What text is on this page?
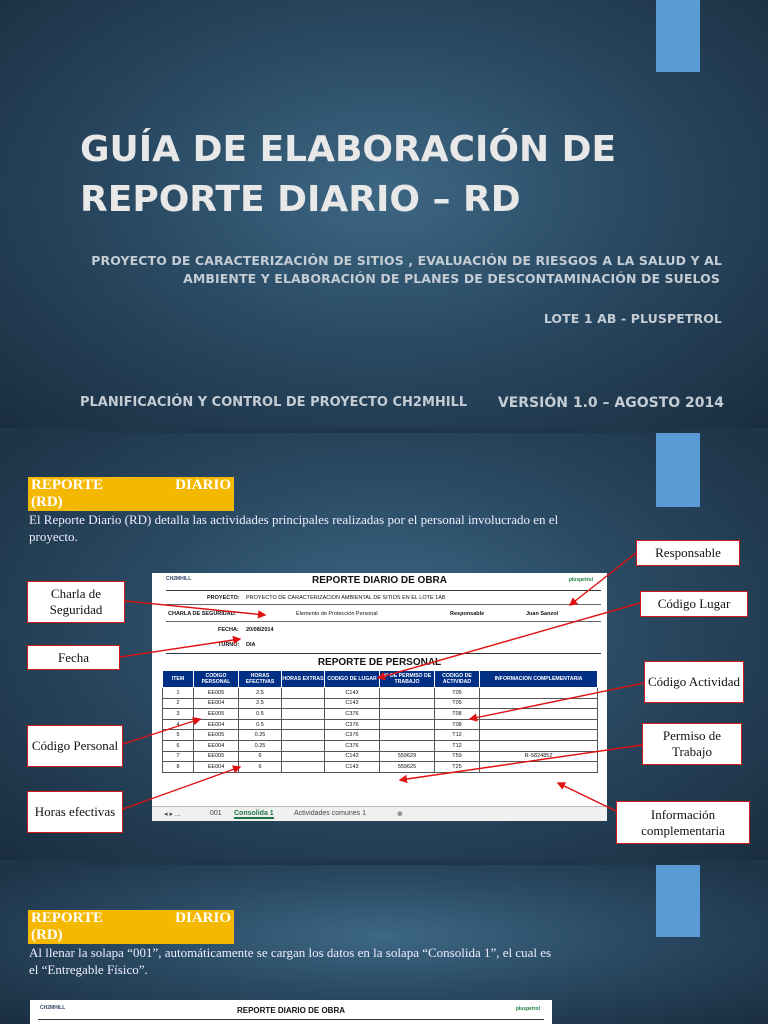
GUÍA DE ELABORACIÓN DE
REPORTE DIARIO – RD
PROYECTO DE CARACTERIZACIÓN DE SITIOS , EVALUACIÓN DE RIESGOS A LA SALUD Y AL
AMBIENTE Y ELABORACIÓN DE PLANES DE DESCONTAMINACIÓN DE SUELOS
LOTE 1 AB - PLUSPETROL
PLANIFICACIÓN Y CONTROL DE PROYECTO CH2MHILL VERSIÓN 1.0 – AGOSTO 2014
REPORTE	DIARIO
(RD)
El Reporte Diario (RD) detalla las actividades principales realizadas por el personal involucrado en el
proyecto.
CH2MHILL	pluspetrol
REPORTE DIARIO DE OBRA
PROYECTO: PROYECTO DE CARACTERIZACION AMBIENTAL DE SITIOS EN EL LOTE 1AB
CHARLA DE SEGURIDAD:	Elemento de Protección Personal	Responsable	Juan Sanzol
FECHA: 20/08/2014
TURNO: DIA
REPORTE DE PERSONAL
ITEM	CODIGO PERSONAL	HORAS EFECTIVAS	HORAS EXTRAS	CODIGO DE LUGAR	N° DE PERMISO DE TRABAJO	CODIGO DE ACTIVIDAD	INFORMACION COMPLEMENTARIA
1	EE005	2.5		C143		T05	
2	EE004	2.5		C143		T05	
3	EE005	0.5		C376		T08	
4	EE004	0.5		C376		T08	
5	EE005	0.25		C376		T12	
6	EE004	0.25		C376		T12	
7	EE005	6		C143	559629	T59	R-S824852
8	EE004	6		C143	559625	T25	
◂ ▸ ...	001 Consolida 1	Actividades comunes 1	⊕
Charla de Seguridad
Fecha
Código Personal
Horas efectivas
Responsable
Código Lugar
Código Actividad
Permiso de Trabajo
Información complementaria
REPORTE	DIARIO
(RD)
Al llenar la solapa “001”, automáticamente se cargan los datos en la solapa “Consolida 1”, el cual es
el “Entregable Físico”.
CH2MHILL	pluspetrol
REPORTE DIARIO DE OBRA
